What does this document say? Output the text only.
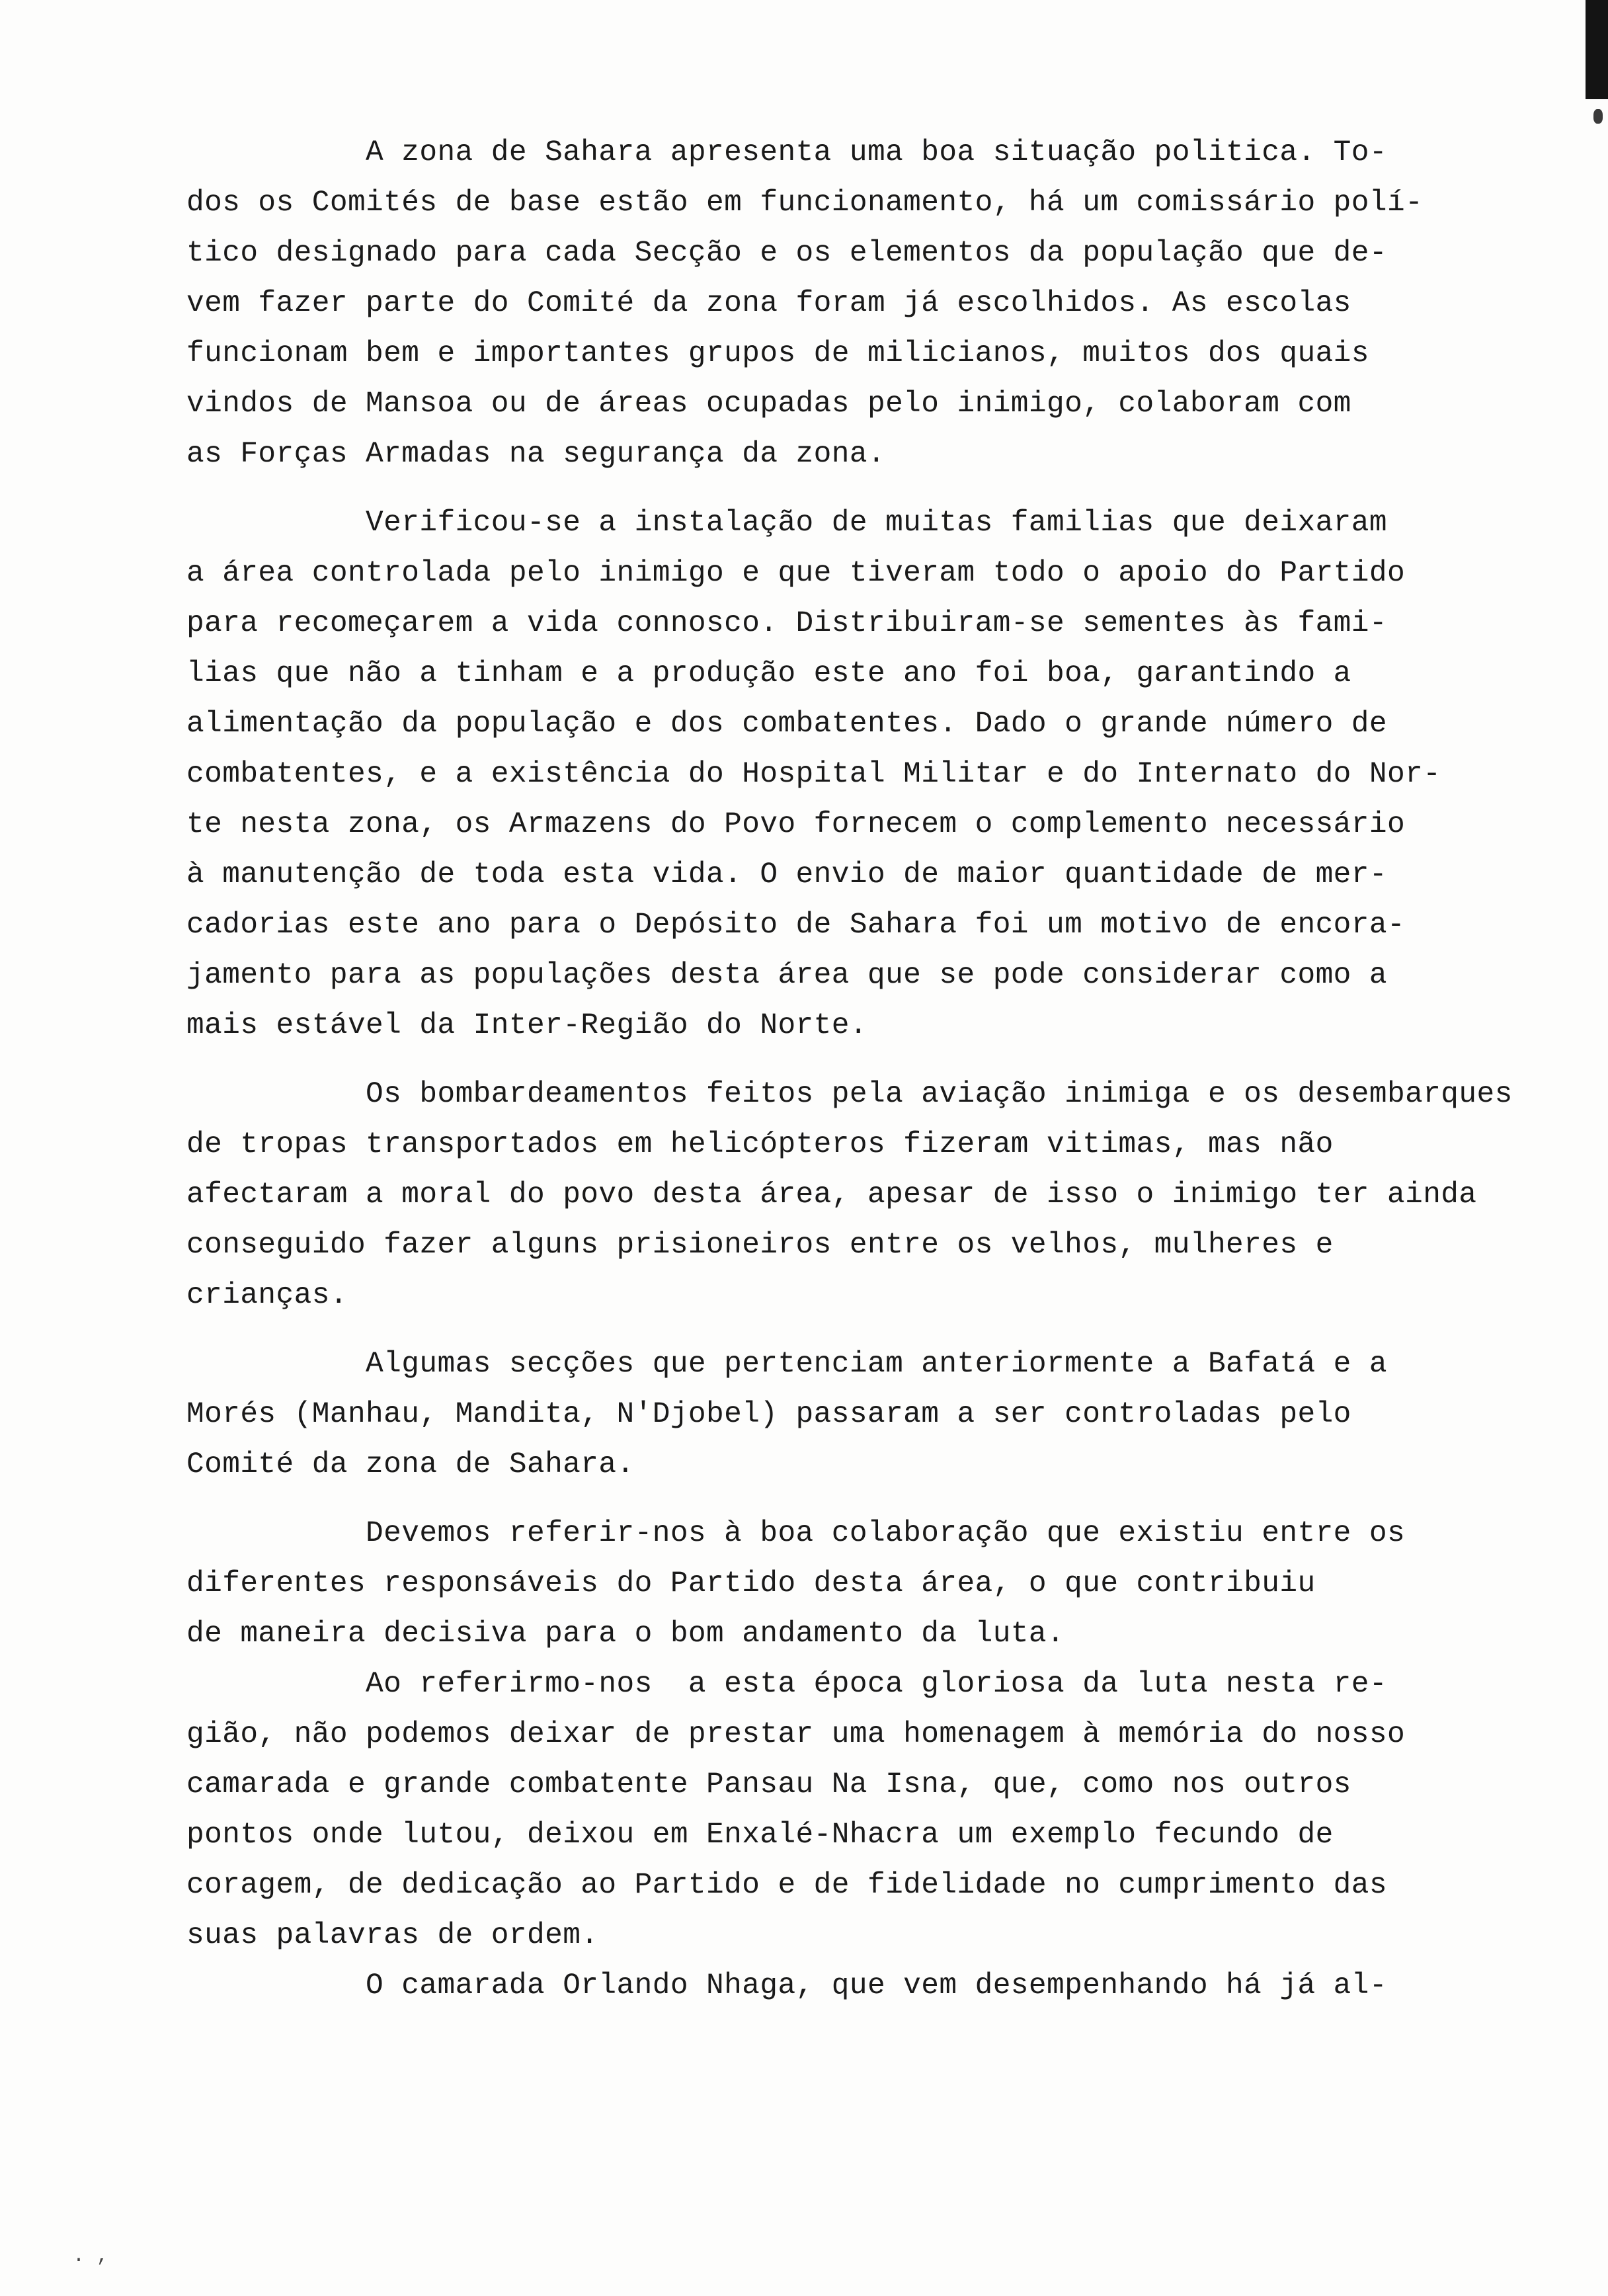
A zona de Sahara apresenta uma boa situação politica. To-
dos os Comités de base estão em funcionamento, há um comissário polí-
tico designado para cada Secção e os elementos da população que de-
vem fazer parte do Comité da zona foram já escolhidos. As escolas
funcionam bem e importantes grupos de milicianos, muitos dos quais
vindos de Mansoa ou de áreas ocupadas pelo inimigo, colaboram com
as Forças Armadas na segurança da zona.
Verificou-se a instalação de muitas familias que deixaram
a área controlada pelo inimigo e que tiveram todo o apoio do Partido
para recomeçarem a vida connosco. Distribuiram-se sementes às fami-
lias que não a tinham e a produção este ano foi boa, garantindo a
alimentação da população e dos combatentes. Dado o grande número de
combatentes, e a existência do Hospital Militar e do Internato do Nor-
te nesta zona, os Armazens do Povo fornecem o complemento necessário
à manutenção de toda esta vida. O envio de maior quantidade de mer-
cadorias este ano para o Depósito de Sahara foi um motivo de encora-
jamento para as populações desta área que se pode considerar como a
mais estável da Inter-Região do Norte.
Os bombardeamentos feitos pela aviação inimiga e os desembarques
de tropas transportados em helicópteros fizeram vitimas, mas não
afectaram a moral do povo desta área, apesar de isso o inimigo ter ainda
conseguido fazer alguns prisioneiros entre os velhos, mulheres e
crianças.
Algumas secções que pertenciam anteriormente a Bafatá e a
Morés (Manhau, Mandita, N'Djobel) passaram a ser controladas pelo
Comité da zona de Sahara.
Devemos referir-nos à boa colaboração que existiu entre os
diferentes responsáveis do Partido desta área, o que contribuiu
de maneira decisiva para o bom andamento da luta.
Ao referirmo-nos  a esta época gloriosa da luta nesta re-
gião, não podemos deixar de prestar uma homenagem à memória do nosso
camarada e grande combatente Pansau Na Isna, que, como nos outros
pontos onde lutou, deixou em Enxalé-Nhacra um exemplo fecundo de
coragem, de dedicação ao Partido e de fidelidade no cumprimento das
suas palavras de ordem.
O camarada Orlando Nhaga, que vem desempenhando há já al-
. ,
